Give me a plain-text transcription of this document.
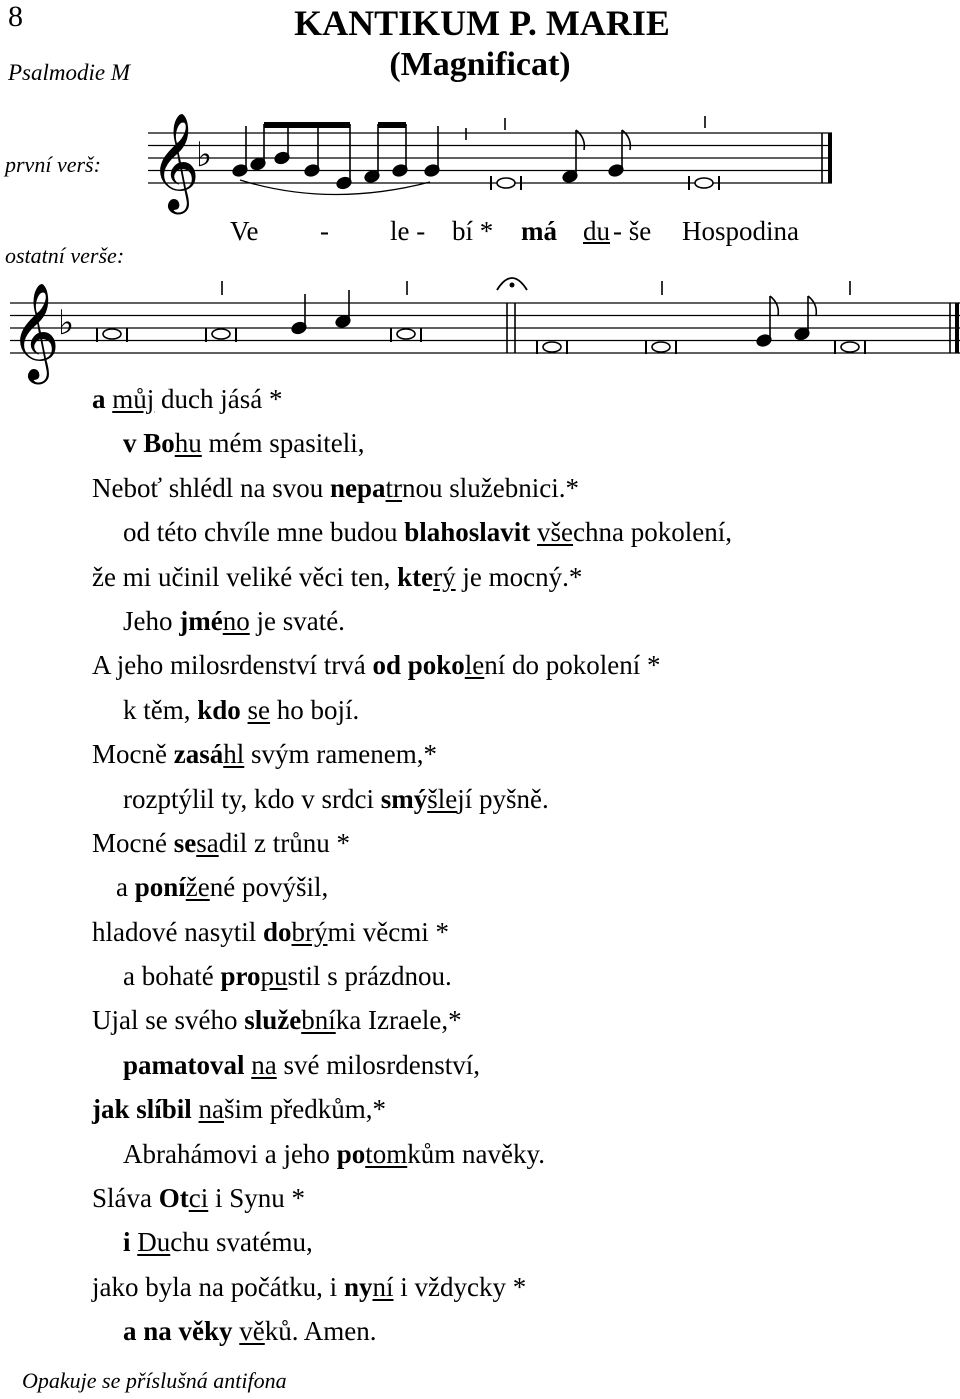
8	KANTIKUM P. MARIE
(Magnificat)
Psalmodie M
první verš:
ostatní verše:
𝄞
♭
Ve - le - bí * má du - še Hospodina
𝄞
♭
a můj duch jásá *
v Bohu mém spasiteli,
Neboť shlédl na svou nepatrnou služebnici.*
od této chvíle mne budou blahoslavit všechna pokolení,
že mi učinil veliké věci ten, který je mocný.*
Jeho jméno je svaté.
A jeho milosrdenství trvá od pokolení do pokolení *
k těm, kdo se ho bojí.
Mocně zasáhl svým ramenem,*
rozptýlil ty, kdo v srdci smýšlejí pyšně.
Mocné sesadil z trůnu *
a ponížené povýšil,
hladové nasytil dobrými věcmi *
a bohaté propustil s prázdnou.
Ujal se svého služebníka Izraele,*
pamatoval na své milosrdenství,
jak slíbil našim předkům,*
Abrahámovi a jeho potomkům navěky.
Sláva Otci i Synu *
i Duchu svatému,
jako byla na počátku, i nyní i vždycky *
a na věky věků. Amen.
Opakuje se příslušná antifona
